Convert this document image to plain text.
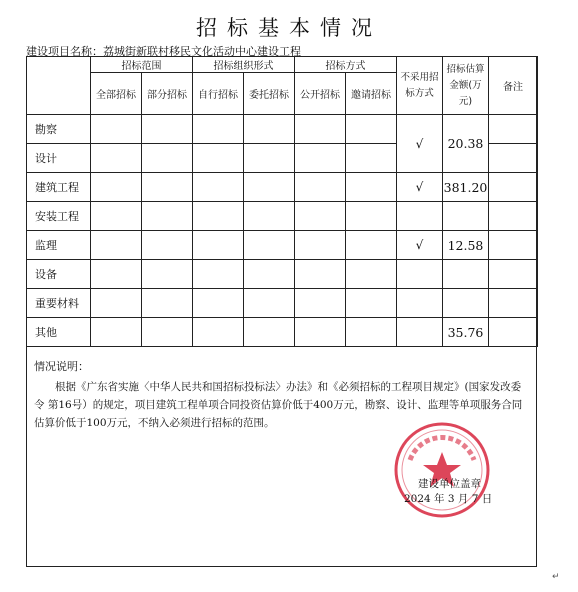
招标基本情况
建设项目名称：荔城街新联村移民文化活动中心建设工程
	招标范围		招标组织形式		招标方式		不采用招标方式	招标估算金额(万元)	备注
	全部招标	部分招标	自行招标	委托招标	公开招标	邀请招标			
勘察							√	20.38	
设计									
建筑工程							√	381.20	
安装工程									
监理							√	12.58	
设备									
重要材料									
其他								35.76	
情况说明：
根据《广东省实施〈中华人民共和国招标投标法〉办法》和《必须招标的工程项目规定》(国家发改委令 第16号）的规定，项目建筑工程单项合同投资估算价低于400万元，勘察、设计、监理等单项服务合同估算价低于100万元，不纳入必须进行招标的范围。
建设单位盖章
2024 年 3 月 7 日
↵
